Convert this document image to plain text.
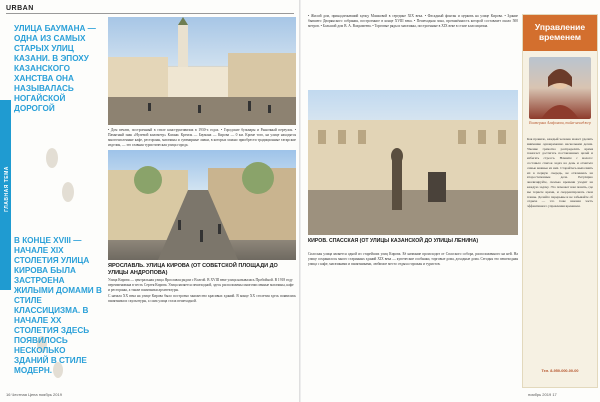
URBAN
ГЛАВНАЯ ТЕМА
УЛИЦА БАУМАНА — ОДНА ИЗ САМЫХ СТАРЫХ УЛИЦ КАЗАНИ. В ЭПОХУ КАЗАНСКОГО ХАНСТВА ОНА НАЗЫВАЛАСЬ НОГАЙСКОЙ ДОРОГОЙ
В КОНЦЕ XVIII — НАЧАЛЕ XIX СТОЛЕТИЯ УЛИЦА КИРОВА БЫЛА ЗАСТРОЕНА ЖИЛЫМИ ДОМАМИ В СТИЛЕ КЛАССИЦИЗМА. В НАЧАЛЕ XX СТОЛЕТИЯ ЗДЕСЬ ПОЯВИЛОСЬ НЕСКОЛЬКО ЗДАНИЙ В СТИЛЕ МОДЕРН.
• Дом печати, построенный в стиле конструктивизма в 1930-х годах. • Городские бульвары и Рыночный переулок. • Памятный знак «Нулевой километр» Казани. Кремль — Баумана — Кирова — 0 км. Кроме того, на улице находятся многочисленные кафе, рестораны, магазины и сувенирные лавки, в которых можно приобрести традиционные татарские изделия, — это главная туристическая улица города.
ЯРОСЛАВЛЬ. УЛИЦА КИРОВА (ОТ СОВЕТСКОЙ ПЛОЩАДИ ДО УЛИЦЫ АНДРОПОВА)
Улица Кирова — центральная улица Ярославля рядом с Волгой. В XVIII веке улица называлась Пробойной. В 1918 году переименована в честь Сергея Кирова. Улица является пешеходной, здесь расположены многочисленные магазины, кафе и рестораны, а также памятники архитектуры.
С начала XX века на улице Кирова было построено множество красивых зданий. В конце XX столетия здесь появились памятники и скульптуры, а сама улица стала пешеходной.
• Жилой дом, принадлежавший купцу Машковой в середине XIX века. • Фасадный фонтан и церковь на улице Кирова. • Здание бывшего Дворянского собрания, построенное в конце XVIII века. • Пешеходная зона, протяжённость которой составляет около 500 метров. • Большой дом В. А. Вахрамеева. • Торговые ряды и магазины, построенные в XIX веке в стиле классицизма.
КИРОВ. СПАССКАЯ (ОТ УЛИЦЫ КАЗАНСКОЙ ДО УЛИЦЫ ЛЕНИНА)
Спасская улица является одной из старейших улиц Кирова. Её название происходит от Спасского собора, расположенного на ней. На улице сохранилось много старинных зданий XIX века — купеческие особняки, торговые дома, доходные дома. Сегодня это пешеходная улица с кафе, магазинами и памятниками, любимое место отдыха горожан и туристов.
Управление временем
Екатерина Агафонова, тайм-менеджер
Как правило, каждый человек может уделять внимание одновременно нескольким делам. Умение грамотно распределять время помогает достигать поставленных целей и избегать стресса. Начните с малого: составьте список задач на день и отметьте самые важные из них. Старайтесь выполнять их в первую очередь, не отвлекаясь на второстепенные дела. Регулярно анализируйте, сколько времени уходит на каждую задачу. Это поможет вам понять, где вы теряете время, и скорректировать свои планы. Делайте перерывы и не забывайте об отдыхе — это тоже важная часть эффективного управления временем.
Тел. 8-950-000-00-00
16 Честная Цена ноябрь 2019	ноябрь 2019 17
